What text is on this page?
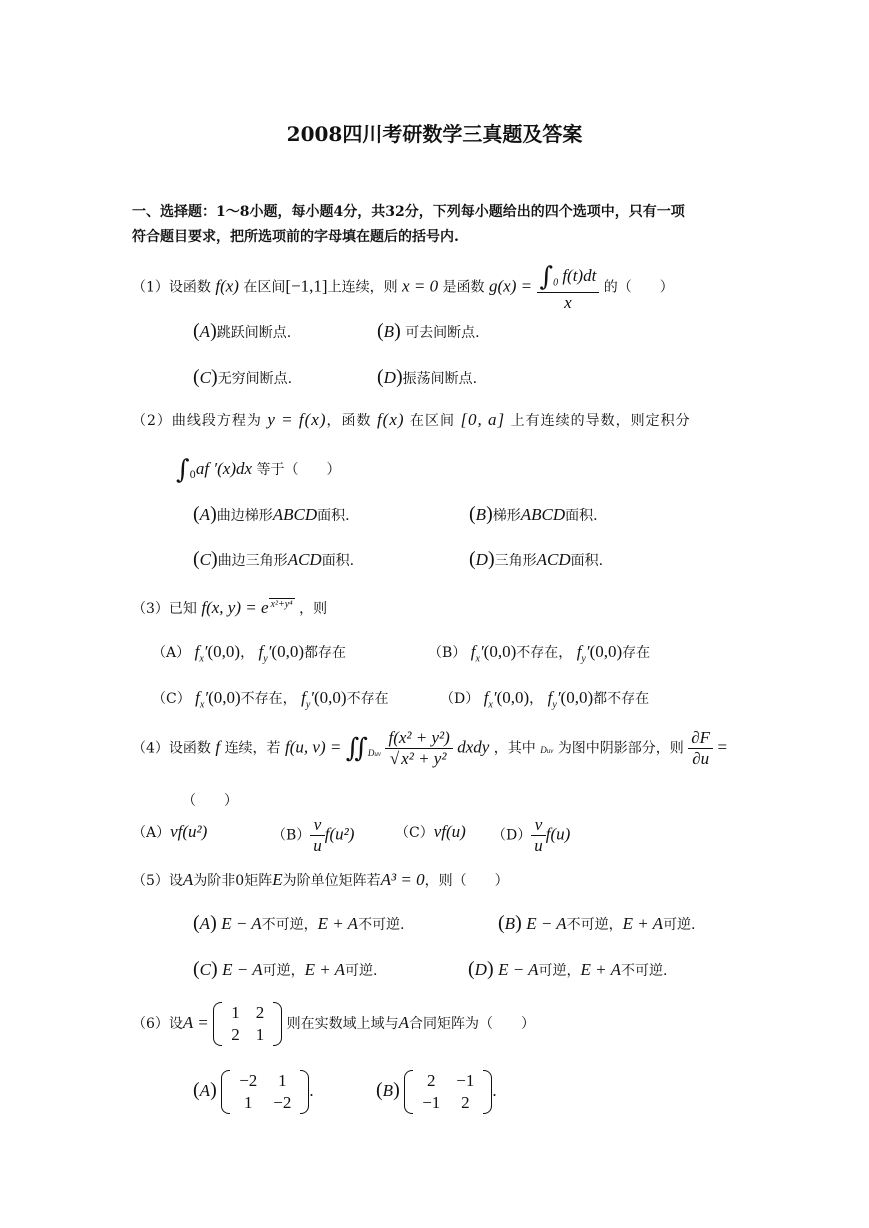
2008四川考研数学三真题及答案
一、选择题：1～8小题，每小题4分，共32分，下列每小题给出的四个选项中，只有一项
符合题目要求，把所选项前的字母填在题后的括号内.
（1）设函数 f(x) 在区间[−1,1]上连续，则 x = 0 是函数 $g(x) = \frac{\int_0 f(t)dt}{x}$ 的（　　）
(A)跳跃间断点.	(B) 可去间断点.
(C)无穷间断点.	(D)振荡间断点.
（2）曲线段方程为 y = f(x)，函数 f(x) 在区间 [0, a] 上有连续的导数，则定积分
$\int_0af$ ′(x)dx 等于（　　）
(A)曲边梯形ABCD面积.	(B)梯形ABCD面积.
(C)曲边三角形ACD面积.	(D)三角形ACD面积.
（3）已知 f(x, y) = e $^{x^2+y^4}$ ，则
（A） $f_x'(0,0)$， $f_y'(0,0)$都存在	（B） $f_x'(0,0)$不存在， $f_y'(0,0)$存在
（C） $f_x'(0,0)$不存在， $f_y'(0,0)$不存在	（D） $f_x'(0,0)$， $f_y'(0,0)$都不存在
（4）设函数 f 连续，若 f(u, $v) = ∬_{Duv} \frac{\text{f(x² + y²)}}{\text{√ x² + y²}}$ dxdy ，其中 Duv 为图中阴影部分，则 $\frac{\partial F}{\partial u}$ =
（　　）
（A）vf(u²)	$(B) \frac{v}{u} f(u^2)$	（C）vf(u) $(D) \frac{v}{u} f(u)$
（5）设A为阶非0矩阵E为阶单位矩阵若A³ = 0，则（　　）
(A) E − A不可逆，E + A不可逆.	(B) E − A不可逆，E + A可逆.
(C) E − A可逆，E + A可逆.	(D) E − A可逆，E + A不可逆.
（6）设A =
1	2
2	1
则在实数域上域与A合同矩阵为（　　）
(A) −2	1
1	−2
.	(B) 2	−1
−1	2
.
